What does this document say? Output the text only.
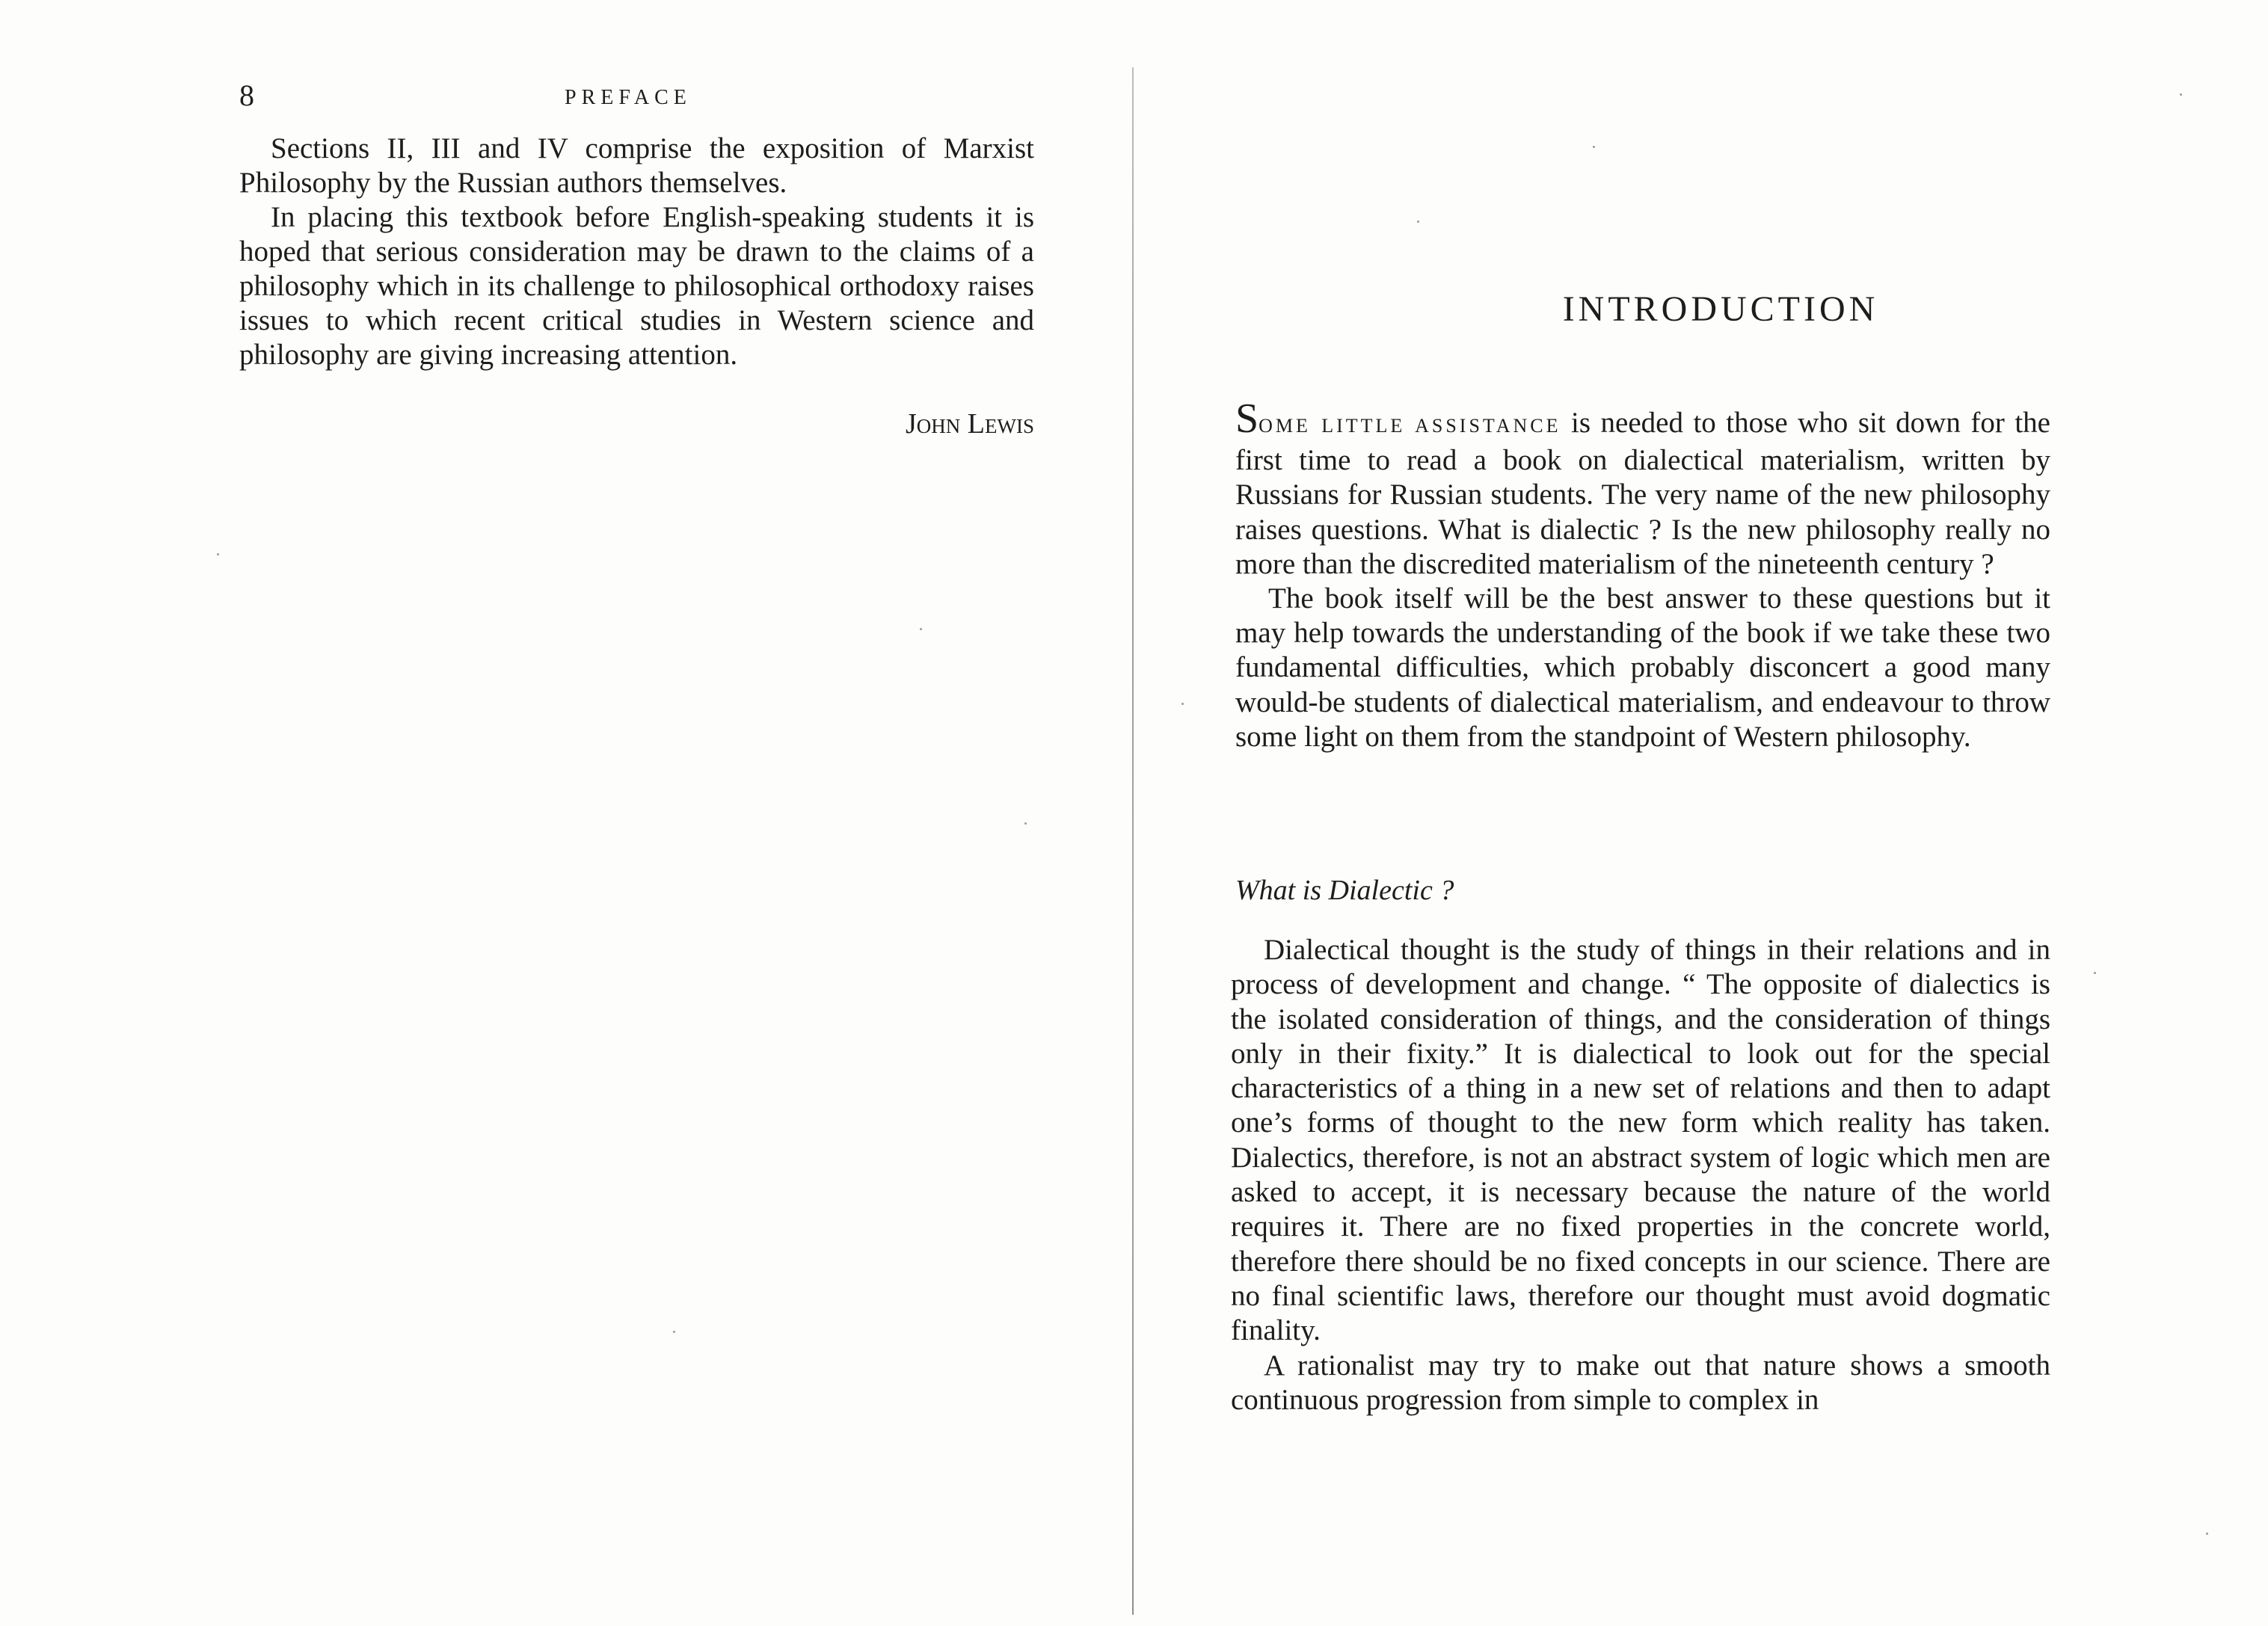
8	PREFACE

Sections II, III and IV comprise the exposition of Marxist Philosophy by the Russian authors themselves.

In placing this textbook before English-speaking students it is hoped that serious consideration may be drawn to the claims of a philosophy which in its challenge to philosophical orthodoxy raises issues to which recent critical studies in Western science and philosophy are giving increasing attention.

John Lewis
INTRODUCTION

SOME LITTLE ASSISTANCE is needed to those who sit down for the first time to read a book on dialectical materialism, written by Russians for Russian students. The very name of the new philosophy raises questions. What is dialectic ? Is the new philosophy really no more than the discredited materialism of the nineteenth century ?

The book itself will be the best answer to these questions but it may help towards the understanding of the book if we take these two fundamental difficulties, which probably disconcert a good many would-be students of dialectical materialism, and endeavour to throw some light on them from the standpoint of Western philosophy.

What is Dialectic ?

Dialectical thought is the study of things in their relations and in process of development and change. “ The opposite of dialectics is the isolated consideration of things, and the consideration of things only in their fixity.” It is dialectical to look out for the special characteristics of a thing in a new set of relations and then to adapt one’s forms of thought to the new form which reality has taken. Dialectics, therefore, is not an abstract system of logic which men are asked to accept, it is necessary because the nature of the world requires it. There are no fixed properties in the concrete world, therefore there should be no fixed concepts in our science. There are no final scientific laws, therefore our thought must avoid dogmatic finality.

A rationalist may try to make out that nature shows a smooth continuous progression from simple to complex in
